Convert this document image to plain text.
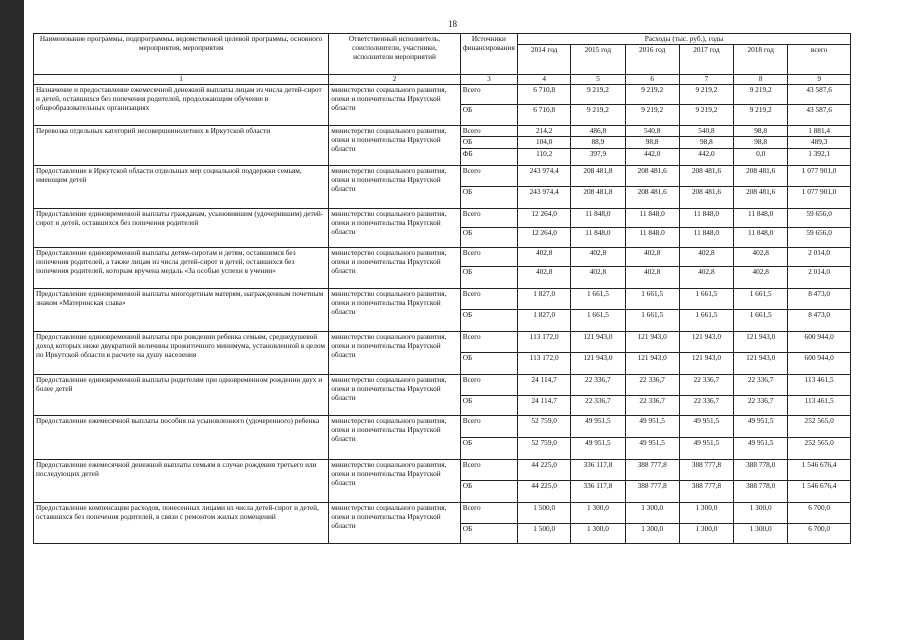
18
Наименование программы, подпрограммы, ведомственной целевой программы, основного мероприятия, мероприятия	Ответственный исполнитель, соисполнители, участники, исполнители мероприятий	Источники финансирования	Расходы (тыс. руб.), годы					
			2014 год	2015 год	2016 год	2017 год	2018 год	всего
1	2	3	4	5	6	7	8	9
Назначение и предоставление ежемесячной денежной выплаты лицам из числа детей-сирот и детей, оставшихся без попечения родителей, продолжающим обучение в общеобразовательных организациях	министерство социального развития, опеки и попечительства Иркутской области	Всего	6 710,8	9 219,2	9 219,2	9 219,2	9 219,2	43 587,6
		ОБ	6 710,8	9 219,2	9 219,2	9 219,2	9 219,2	43 587,6
Перевозка отдельных категорий несовершеннолетних в Иркутской области	министерство социального развития, опеки и попечительства Иркутской области	Всего	214,2	486,8	540,8	540,8	98,8	1 881,4
		ОБ	104,0	88,9	98,8	98,8	98,8	489,3
		ФБ	110,2	397,9	442,0	442,0	0,0	1 392,1
Предоставление в Иркутской области отдельных мер социальной поддержки семьям, имеющим детей	министерство социального развития, опеки и попечительства Иркутской области	Всего	243 974,4	208 481,8	208 481,6	208 481,6	208 481,6	1 077 901,0
		ОБ	243 974,4	208 481,8	208 481,6	208 481,6	208 481,6	1 077 901,0
Предоставление единовременной выплаты гражданам, усыновившим (удочерившим) детей-сирот и детей, оставшихся без попечения родителей	министерство социального развития, опеки и попечительства Иркутской области	Всего	12 264,0	11 848,0	11 848,0	11 848,0	11 848,0	59 656,0
		ОБ	12 264,0	11 848,0	11 848,0	11 848,0	11 848,0	59 656,0
Предоставление единовременной выплаты детям-сиротам и детям, оставшимся без попечения родителей, а также лицам из числа детей-сирот и детей, оставшихся без попечения родителей, которым вручена медаль «За особые успехи в учении»	министерство социального развития, опеки и попечительства Иркутской области	Всего	402,8	402,8	402,8	402,8	402,8	2 014,0
		ОБ	402,8	402,8	402,8	402,8	402,8	2 014,0
Предоставление единовременной выплаты многодетным матерям, награжденным почетным знаком «Материнская слава»	министерство социального развития, опеки и попечительства Иркутской области	Всего	1 827,0	1 661,5	1 661,5	1 661,5	1 661,5	8 473,0
		ОБ	1 827,0	1 661,5	1 661,5	1 661,5	1 661,5	8 473,0
Предоставление единовременной выплаты при рождении ребенка семьям, среднедушевой доход которых ниже двукратной величины прожиточного минимума, установленной в целом по Иркутской области в расчете на душу населения	министерство социального развития, опеки и попечительства Иркутской области	Всего	113 172,0	121 943,0	121 943,0	121 943,0	121 943,0	600 944,0
		ОБ	113 172,0	121 943,0	121 943,0	121 943,0	121 943,0	600 944,0
Предоставление единовременной выплаты родителям при одновременном рождении двух и более детей	министерство социального развития, опеки и попечительства Иркутской области	Всего	24 114,7	22 336,7	22 336,7	22 336,7	22 336,7	113 461,5
		ОБ	24 114,7	22 336,7	22 336,7	22 336,7	22 336,7	113 461,5
Предоставление ежемесячной выплаты пособия на усыновленного (удочеренного) ребенка	министерство социального развития, опеки и попечительства Иркутской области	Всего	52 759,0	49 951,5	49 951,5	49 951,5	49 951,5	252 565,0
		ОБ	52 759,0	49 951,5	49 951,5	49 951,5	49 951,5	252 565,0
Предоставление ежемесячной денежной выплаты семьям в случае рождения третьего или последующих детей	министерство социального развития, опеки и попечительства Иркутской области	Всего	44 225,0	336 117,8	388 777,8	388 777,8	388 778,0	1 546 676,4
		ОБ	44 225,0	336 117,8	388 777,8	388 777,8	388 778,0	1 546 676,4
Предоставление компенсации расходов, понесенных лицами из числа детей-сирот и детей, оставшихся без попечения родителей, в связи с ремонтом жилых помещений	министерство социального развития, опеки и попечительства Иркутской области	Всего	1 500,0	1 300,0	1 300,0	1 300,0	1 300,0	6 700,0
		ОБ	1 500,0	1 300,0	1 300,0	1 300,0	1 300,0	6 700,0
